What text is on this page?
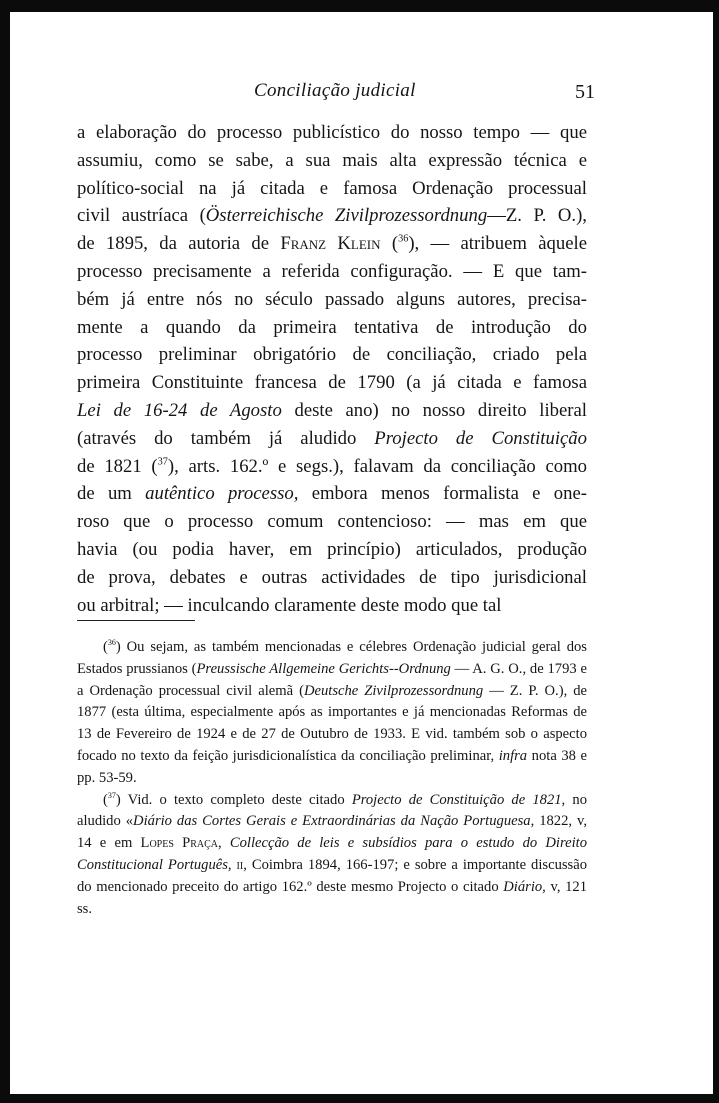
Conciliação judicial	51
a elaboração do processo publicístico do nosso tempo — que
assumiu, como se sabe, a sua mais alta expressão técnica e
político-social na já citada e famosa Ordenação processual
civil austríaca (Österreichische Zivilprozessordnung—Z. P. O.),
de 1895, da autoria de Franz Klein ($^{36}$), — atribuem àquele
processo precisamente a referida configuração. — E que tam-
bém já entre nós no século passado alguns autores, precisa-
mente a quando da primeira tentativa de introdução do
processo preliminar obrigatório de conciliação, criado pela
primeira Constituinte francesa de 1790 (a já citada e famosa
Lei de 16-24 de Agosto deste ano) no nosso direito liberal
(através do também já aludido Projecto de Constituição
de 1821 ($^{37}$), arts. 162.º e segs.), falavam da conciliação como
de um autêntico processo, embora menos formalista e one-
roso que o processo comum contencioso: — mas em que
havia (ou podia haver, em princípio) articulados, produção
de prova, debates e outras actividades de tipo jurisdicional
ou arbitral; — inculcando claramente deste modo que tal

($^{36}$) Ou sejam, as também mencionadas e célebres Ordenação judicial geral dos Estados prussianos (Preussische Allgemeine Gerichts--Ordnung — A. G. O., de 1793 e a Ordenação processual civil alemã (Deutsche Zivilprozessordnung — Z. P. O.), de 1877 (esta última, especialmente após as importantes e já mencionadas Reformas de 13 de Fevereiro de 1924 e de 27 de Outubro de 1933. E vid. também sob o aspecto focado no texto da feição jurisdicionalística da conciliação preliminar, infra nota 38 e pp. 53-59.

($^{37}$) Vid. o texto completo deste citado Projecto de Constituição de 1821, no aludido «Diário das Cortes Gerais e Extraordinárias da Nação Portuguesa, 1822, v, 14 e em Lopes Praça, Collecção de leis e subsídios para o estudo do Direito Constitucional Português, ii, Coimbra 1894, 166-197; e sobre a importante discussão do mencionado preceito do artigo 162.º deste mesmo Projecto o citado Diário, v, 121 ss.
